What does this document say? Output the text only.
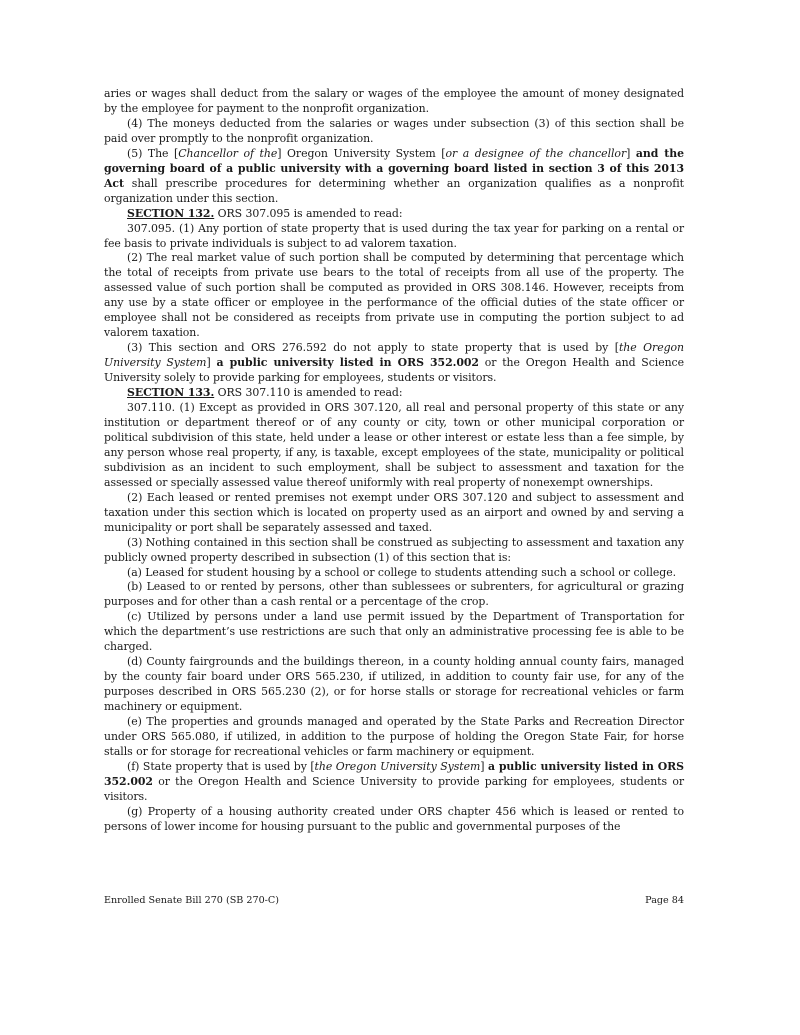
aries or wages shall deduct from the salary or wages of the employee the amount of money designated by the employee for payment to the nonprofit organization.

(4) The moneys deducted from the salaries or wages under subsection (3) of this section shall be paid over promptly to the nonprofit organization.

(5) The [Chancellor of the] Oregon University System [or a designee of the chancellor] and the governing board of a public university with a governing board listed in section 3 of this 2013 Act shall prescribe procedures for determining whether an organization qualifies as a nonprofit organization under this section.

SECTION 132. ORS 307.095 is amended to read:

307.095. (1) Any portion of state property that is used during the tax year for parking on a rental or fee basis to private individuals is subject to ad valorem taxation.

(2) The real market value of such portion shall be computed by determining that percentage which the total of receipts from private use bears to the total of receipts from all use of the property. The assessed value of such portion shall be computed as provided in ORS 308.146. However, receipts from any use by a state officer or employee in the performance of the official duties of the state officer or employee shall not be considered as receipts from private use in computing the portion subject to ad valorem taxation.

(3) This section and ORS 276.592 do not apply to state property that is used by [the Oregon University System] a public university listed in ORS 352.002 or the Oregon Health and Science University solely to provide parking for employees, students or visitors.

SECTION 133. ORS 307.110 is amended to read:

307.110. (1) Except as provided in ORS 307.120, all real and personal property of this state or any institution or department thereof or of any county or city, town or other municipal corporation or political subdivision of this state, held under a lease or other interest or estate less than a fee simple, by any person whose real property, if any, is taxable, except employees of the state, municipality or political subdivision as an incident to such employment, shall be subject to assessment and taxation for the assessed or specially assessed value thereof uniformly with real property of nonexempt ownerships.

(2) Each leased or rented premises not exempt under ORS 307.120 and subject to assessment and taxation under this section which is located on property used as an airport and owned by and serving a municipality or port shall be separately assessed and taxed.

(3) Nothing contained in this section shall be construed as subjecting to assessment and taxation any publicly owned property described in subsection (1) of this section that is:

(a) Leased for student housing by a school or college to students attending such a school or college.

(b) Leased to or rented by persons, other than sublessees or subrenters, for agricultural or grazing purposes and for other than a cash rental or a percentage of the crop.

(c) Utilized by persons under a land use permit issued by the Department of Transportation for which the department’s use restrictions are such that only an administrative processing fee is able to be charged.

(d) County fairgrounds and the buildings thereon, in a county holding annual county fairs, managed by the county fair board under ORS 565.230, if utilized, in addition to county fair use, for any of the purposes described in ORS 565.230 (2), or for horse stalls or storage for recreational vehicles or farm machinery or equipment.

(e) The properties and grounds managed and operated by the State Parks and Recreation Director under ORS 565.080, if utilized, in addition to the purpose of holding the Oregon State Fair, for horse stalls or for storage for recreational vehicles or farm machinery or equipment.

(f) State property that is used by [the Oregon University System] a public university listed in ORS 352.002 or the Oregon Health and Science University to provide parking for employees, students or visitors.

(g) Property of a housing authority created under ORS chapter 456 which is leased or rented to persons of lower income for housing pursuant to the public and governmental purposes of the

Enrolled Senate Bill 270 (SB 270-C)	Page 84
